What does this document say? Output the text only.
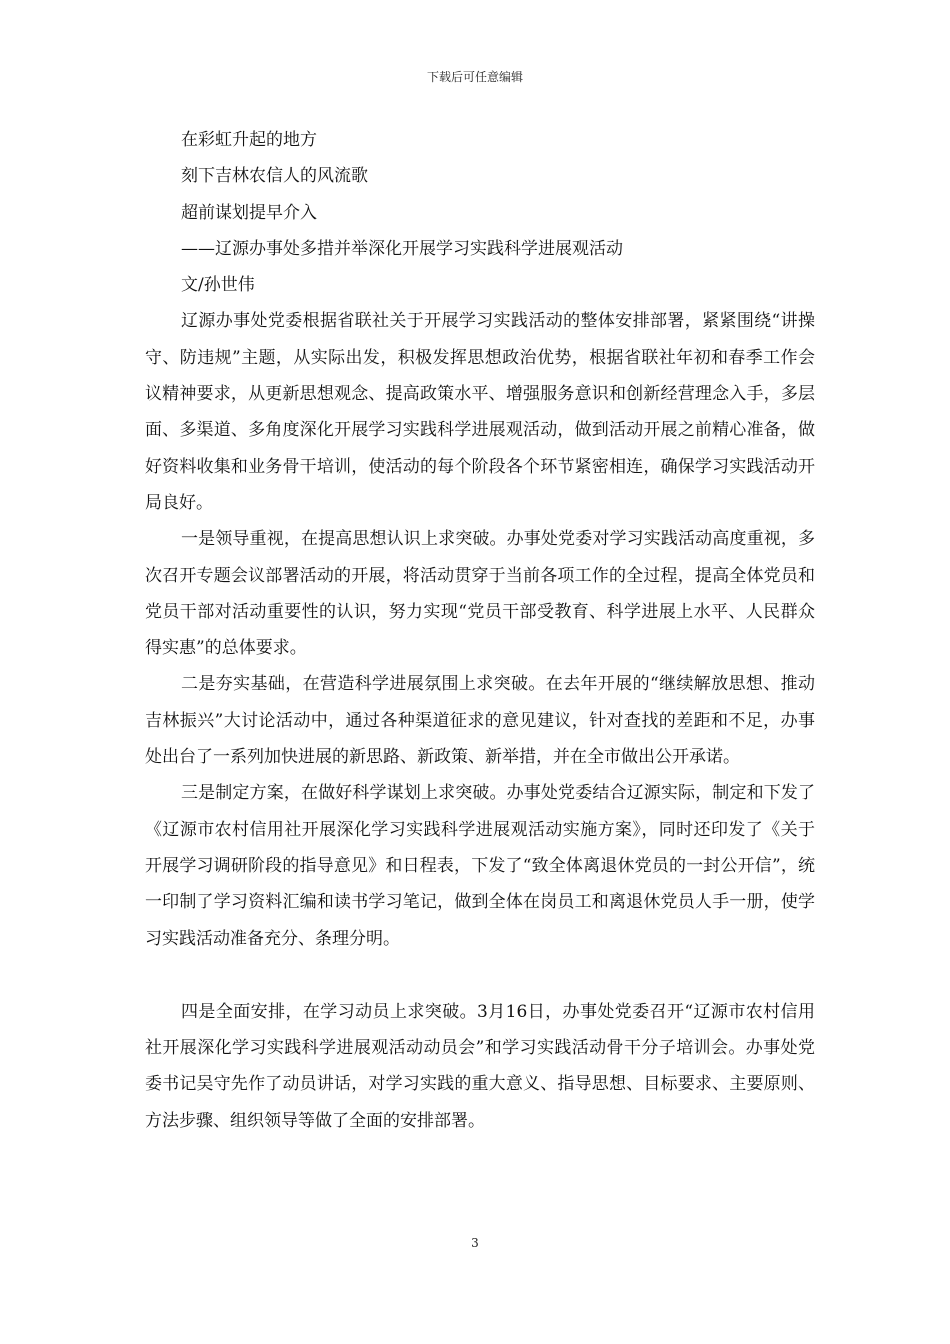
下载后可任意编辑
在彩虹升起的地方
刻下吉林农信人的风流歌
超前谋划提早介入
——辽源办事处多措并举深化开展学习实践科学进展观活动
文/孙世伟

辽源办事处党委根据省联社关于开展学习实践活动的整体安排部署，紧紧围绕“讲操守、防违规”主题，从实际出发，积极发挥思想政治优势，根据省联社年初和春季工作会议精神要求，从更新思想观念、提高政策水平、增强服务意识和创新经营理念入手，多层面、多渠道、多角度深化开展学习实践科学进展观活动，做到活动开展之前精心准备，做好资料收集和业务骨干培训，使活动的每个阶段各个环节紧密相连，确保学习实践活动开局良好。

一是领导重视，在提高思想认识上求突破。办事处党委对学习实践活动高度重视，多次召开专题会议部署活动的开展，将活动贯穿于当前各项工作的全过程，提高全体党员和党员干部对活动重要性的认识，努力实现“党员干部受教育、科学进展上水平、人民群众得实惠”的总体要求。

二是夯实基础，在营造科学进展氛围上求突破。在去年开展的“继续解放思想、推动吉林振兴”大讨论活动中，通过各种渠道征求的意见建议，针对查找的差距和不足，办事处出台了一系列加快进展的新思路、新政策、新举措，并在全市做出公开承诺。

三是制定方案，在做好科学谋划上求突破。办事处党委结合辽源实际，制定和下发了《辽源市农村信用社开展深化学习实践科学进展观活动实施方案》，同时还印发了《关于开展学习调研阶段的指导意见》和日程表，下发了“致全体离退休党员的一封公开信”，统一印制了学习资料汇编和读书学习笔记，做到全体在岗员工和离退休党员人手一册，使学习实践活动准备充分、条理分明。

四是全面安排，在学习动员上求突破。3月16日，办事处党委召开“辽源市农村信用社开展深化学习实践科学进展观活动动员会”和学习实践活动骨干分子培训会。办事处党委书记吴守先作了动员讲话，对学习实践的重大意义、指导思想、目标要求、主要原则、方法步骤、组织领导等做了全面的安排部署。

3
